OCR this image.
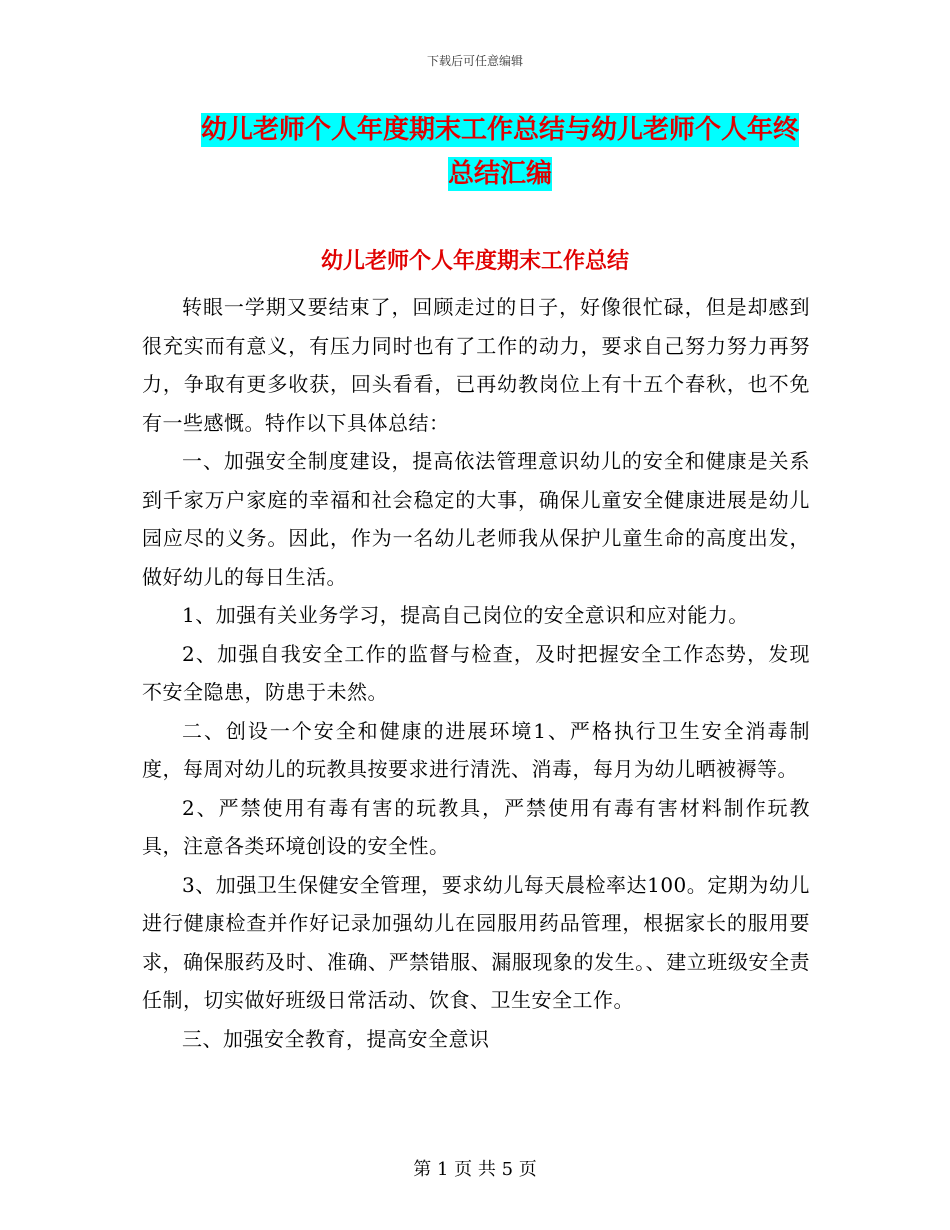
下载后可任意编辑
幼儿老师个人年度期末工作总结与幼儿老师个人年终
总结汇编
幼儿老师个人年度期末工作总结

转眼一学期又要结束了，回顾走过的日子，好像很忙碌，但是却感到很充实而有意义，有压力同时也有了工作的动力，要求自己努力努力再努力，争取有更多收获，回头看看，已再幼教岗位上有十五个春秋，也不免有一些感慨。特作以下具体总结：

一、加强安全制度建设，提高依法管理意识幼儿的安全和健康是关系到千家万户家庭的幸福和社会稳定的大事，确保儿童安全健康进展是幼儿园应尽的义务。因此，作为一名幼儿老师我从保护儿童生命的高度出发，做好幼儿的每日生活。

1、加强有关业务学习，提高自己岗位的安全意识和应对能力。

2、加强自我安全工作的监督与检查，及时把握安全工作态势，发现不安全隐患，防患于未然。

二、创设一个安全和健康的进展环境1、严格执行卫生安全消毒制度，每周对幼儿的玩教具按要求进行清洗、消毒，每月为幼儿晒被褥等。

2、严禁使用有毒有害的玩教具，严禁使用有毒有害材料制作玩教具，注意各类环境创设的安全性。

3、加强卫生保健安全管理，要求幼儿每天晨检率达100。定期为幼儿进行健康检查并作好记录加强幼儿在园服用药品管理，根据家长的服用要求，确保服药及时、准确、严禁错服、漏服现象的发生。、建立班级安全责任制，切实做好班级日常活动、饮食、卫生安全工作。

三、加强安全教育，提高安全意识

第 1 页 共 5 页
